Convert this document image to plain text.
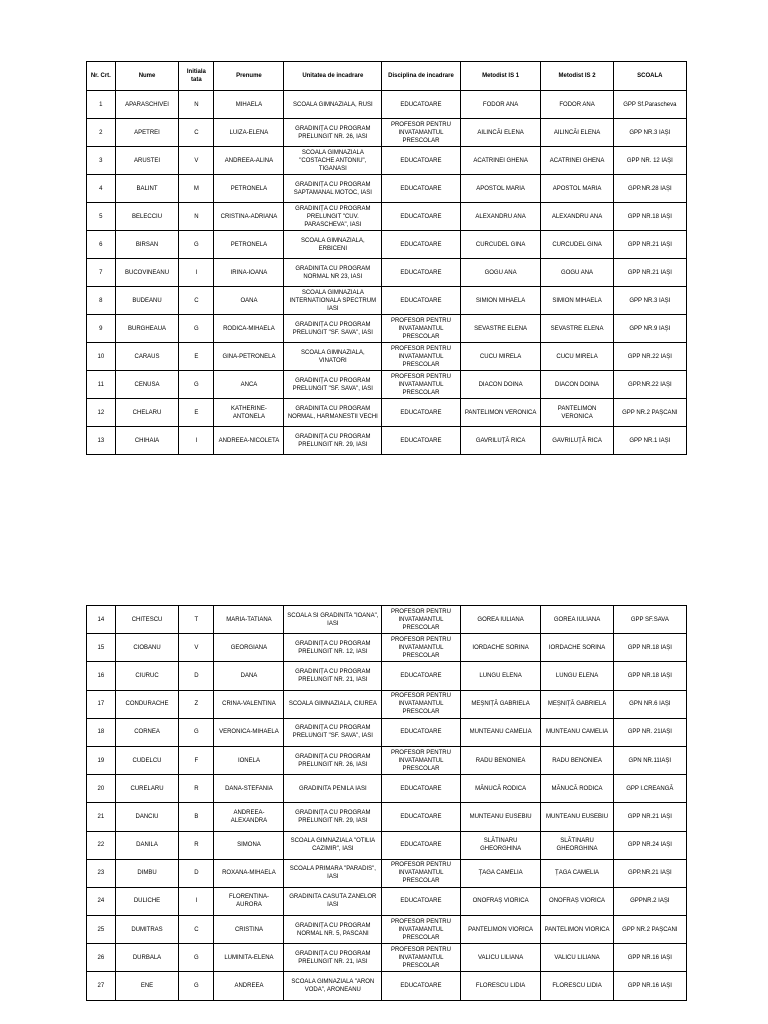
Nr. Crt.	Nume	Initiala tata	Prenume	Unitatea de incadrare	Disciplina de incadrare	Metodist IS 1	Metodist IS 2	SCOALA
1	APARASCHIVEI	N	MIHAELA	SCOALA GIMNAZIALA, RUSI	EDUCATOARE	FODOR ANA	FODOR ANA	GPP Sf.Parascheva
2	APETREI	C	LUIZA-ELENA	GRADINIȚA CU PROGRAM PRELUNGIT NR. 26, IASI	PROFESOR PENTRU INVATAMANTUL PRESCOLAR	AILINCĂI ELENA	AILINCĂI ELENA	GPP NR.3 IAȘI
3	ARUSTEI	V	ANDREEA-ALINA	SCOALA GIMNAZIALA "COSTACHE ANTONIU", TIGANASI	EDUCATOARE	ACATRINEI GHENA	ACATRINEI GHENA	GPP NR. 12 IAȘI
4	BALINT	M	PETRONELA	GRADINIȚA CU PROGRAM SAPTAMANAL MOTOC, IASI	EDUCATOARE	APOSTOL MARIA	APOSTOL MARIA	GPP.NR.28 IAȘI
5	BELECCIU	N	CRISTINA-ADRIANA	GRADINIȚA CU PROGRAM PRELUNGIT "CUV. PARASCHEVA", IASI	EDUCATOARE	ALEXANDRU ANA	ALEXANDRU ANA	GPP NR.18 IAȘI
6	BIRSAN	G	PETRONELA	SCOALA GIMNAZIALA, ERBICENI	EDUCATOARE	CURCUDEL GINA	CURCUDEL GINA	GPP NR.21 IAȘI
7	BUCOVINEANU	I	IRINA-IOANA	GRADINITA CU PROGRAM NORMAL NR 23, IASI	EDUCATOARE	GOGU ANA	GOGU ANA	GPP NR.21 IAȘI
8	BUDEANU	C	OANA	SCOALA GIMNAZIALA INTERNATIONALA SPECTRUM IASI	EDUCATOARE	SIMION MIHAELA	SIMION MIHAELA	GPP NR.3 IAȘI
9	BURGHEAUA	G	RODICA-MIHAELA	GRADINIȚA CU PROGRAM PRELUNGIT "SF. SAVA", IASI	PROFESOR PENTRU INVATAMANTUL PRESCOLAR	SEVASTRE ELENA	SEVASTRE ELENA	GPP NR.9 IAȘI
10	CARAUS	E	GINA-PETRONELA	SCOALA GIMNAZIALA, VINATORI	PROFESOR PENTRU INVATAMANTUL PRESCOLAR	CUCU MIRELA	CUCU MIRELA	GPP NR.22 IAȘI
11	CENUSA	G	ANCA	GRADINIȚA CU PROGRAM PRELUNGIT "SF. SAVA", IASI	PROFESOR PENTRU INVATAMANTUL PRESCOLAR	DIACON DOINA	DIACON DOINA	GPP.NR.22 IAȘI
12	CHELARU	E	KATHERINE-ANTONELA	GRADINITA CU PROGRAM NORMAL, HARMANESTII VECHI	EDUCATOARE	PANTELIMON VERONICA	PANTELIMON VERONICA	GPP NR.2 PAȘCANI
13	CHIHAIA	I	ANDREEA-NICOLETA	GRADINIȚA CU PROGRAM PRELUNGIT NR. 29, IASI	EDUCATOARE	GAVRILUȚĂ RICA	GAVRILUȚĂ RICA	GPP NR.1 IAȘI
14	CHITESCU	T	MARIA-TATIANA	SCOALA SI GRADINITA "IOANA", IASI	PROFESOR PENTRU INVATAMANTUL PRESCOLAR	GOREA IULIANA	GOREA IULIANA	GPP SF.SAVA
15	CIOBANU	V	GEORGIANA	GRADINIȚA CU PROGRAM PRELUNGIT NR. 12, IASI	PROFESOR PENTRU INVATAMANTUL PRESCOLAR	IORDACHE SORINA	IORDACHE SORINA	GPP NR.18 IAȘI
16	CIURUC	D	DANA	GRADINIȚA CU PROGRAM PRELUNGIT NR. 21, IASI	EDUCATOARE	LUNGU ELENA	LUNGU ELENA	GPP NR.18 IAȘI
17	CONDURACHE	Z	CRINA-VALENTINA	SCOALA GIMNAZIALA, CIUREA	PROFESOR PENTRU INVATAMANTUL PRESCOLAR	MEȘNIȚĂ GABRIELA	MEȘNIȚĂ GABRIELA	GPN NR.6 IAȘI
18	CORNEA	G	VERONICA-MIHAELA	GRADINIȚA CU PROGRAM PRELUNGIT "SF. SAVA", IASI	EDUCATOARE	MUNTEANU CAMELIA	MUNTEANU CAMELIA	GPP NR. 21IAȘI
19	CUDELCU	F	IONELA	GRADINIȚA CU PROGRAM PRELUNGIT NR. 26, IASI	PROFESOR PENTRU INVATAMANTUL PRESCOLAR	RADU BENONIEA	RADU BENONIEA	GPN NR.11IAȘI
20	CURELARU	R	DANA-STEFANIA	GRADINITA PENILA IASI	EDUCATOARE	MĂNUCĂ RODICA	MĂNUCĂ RODICA	GPP I.CREANGĂ
21	DANCIU	B	ANDREEA-ALEXANDRA	GRADINIȚA CU PROGRAM PRELUNGIT NR. 29, IASI	EDUCATOARE	MUNTEANU EUSEBIU	MUNTEANU EUSEBIU	GPP NR.21 IAȘI
22	DANILA	R	SIMONA	SCOALA GIMNAZIALA "OTILIA CAZIMIR", IASI	EDUCATOARE	SLĂTINARU GHEORGHINA	SLĂTINARU GHEORGHINA	GPP NR.24 IAȘI
23	DIMBU	D	ROXANA-MIHAELA	SCOALA PRIMARA "PARADIS", IASI	PROFESOR PENTRU INVATAMANTUL PRESCOLAR	ȚAGA CAMELIA	ȚAGA CAMELIA	GPP.NR.21 IAȘI
24	DULICHE	I	FLORENTINA-AURORA	GRADINITA CASUTA ZANELOR IASI	EDUCATOARE	ONOFRAȘ VIORICA	ONOFRAȘ VIORICA	GPPNR.2 IAȘI
25	DUMITRAS	C	CRISTINA	GRADINIȚA CU PROGRAM NORMAL NR. 5, PASCANI	PROFESOR PENTRU INVATAMANTUL PRESCOLAR	PANTELIMON VIORICA	PANTELIMON VIORICA	GPP NR.2 PAȘCANI
26	DURBALA	G	LUMINITA-ELENA	GRADINIȚA CU PROGRAM PRELUNGIT NR. 21, IASI	PROFESOR PENTRU INVATAMANTUL PRESCOLAR	VALICU LILIANA	VALICU LILIANA	GPP NR.16 IAȘI
27	ENE	G	ANDREEA	SCOALA GIMNAZIALA "ARON VODA", ARONEANU	EDUCATOARE	FLORESCU LIDIA	FLORESCU LIDIA	GPP NR.16 IAȘI
